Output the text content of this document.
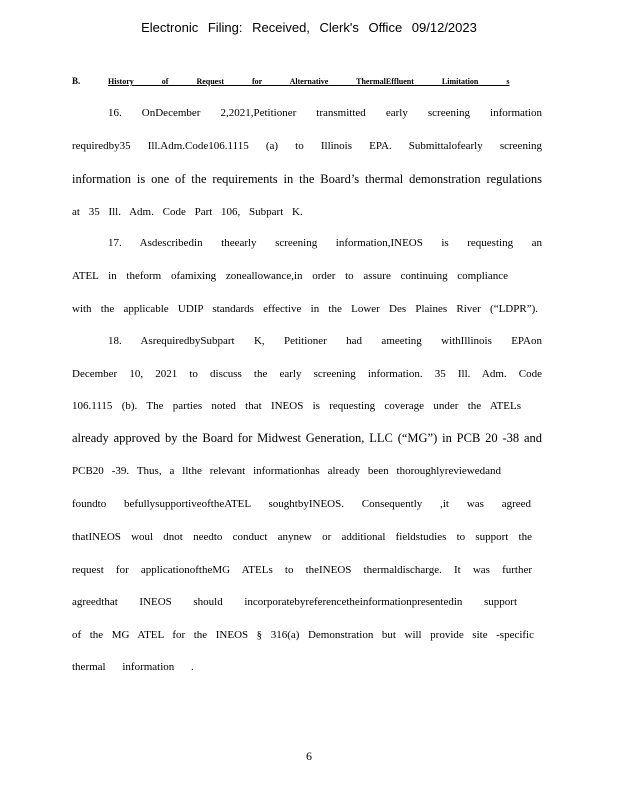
Electronic Filing: Received, Clerk's Office 09/12/2023
B.	History of Request for Alternative ThermalEffluent Limitation s
16. OnDecember 2,2021,Petitioner transmitted early screening information
requiredby35 Ill.Adm.Code106.1115 (a) to Illinois EPA. Submittalofearly screening
information is one of the requirements in the Board’s thermal demonstration regulations
at 35 Ill. Adm. Code Part 106, Subpart K.
17. Asdescribedin theearly screening information,INEOS is requesting an
ATEL in theform ofamixing zoneallowance,in order to assure continuing compliance
with the applicable UDIP standards effective in the Lower Des Plaines River (“LDPR”).
18. AsrequiredbySubpart K, Petitioner had ameeting withIllinois EPAon
December 10, 2021 to discuss the early screening information. 35 Ill. Adm. Code
106.1115 (b). The parties noted that INEOS is requesting coverage under the ATELs
already approved by the Board for Midwest Generation, LLC (“MG”) in PCB 20 -38 and
PCB20 -39. Thus, a llthe relevant informationhas already been thoroughlyreviewedand
foundto befullysupportiveoftheATEL soughtbyINEOS. Consequently ,it was agreed
thatINEOS woul dnot needto conduct anynew or additional fieldstudies to support the
request for applicationoftheMG ATELs to theINEOS thermaldischarge. It was further
agreedthat INEOS should incorporatebyreferencetheinformationpresentedin support
of the MG ATEL for the INEOS § 316(a) Demonstration but will provide site -specific
thermal information .
6
